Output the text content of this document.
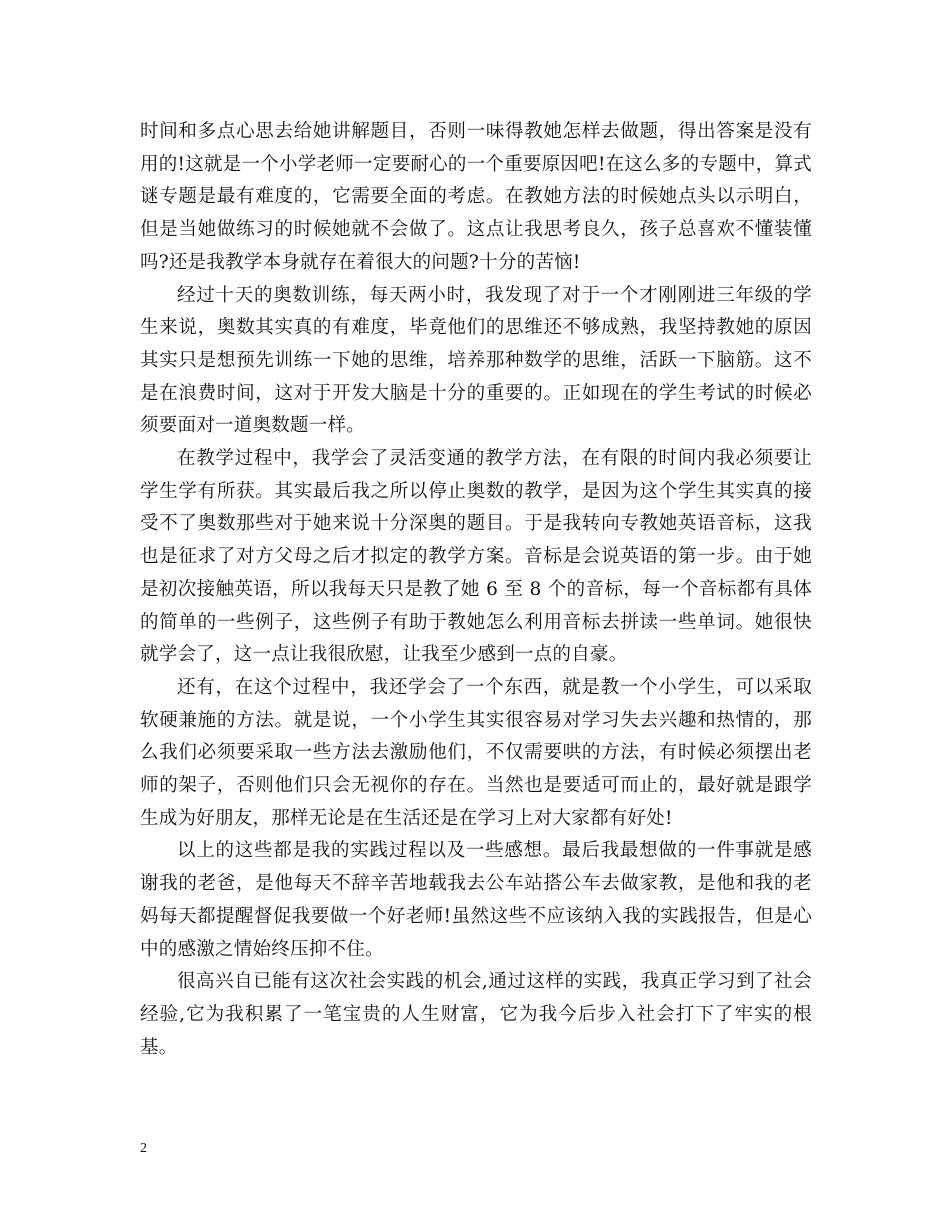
时间和多点心思去给她讲解题目，否则一味得教她怎样去做题，得出答案是没有用的!这就是一个小学老师一定要耐心的一个重要原因吧!在这么多的专题中，算式谜专题是最有难度的，它需要全面的考虑。在教她方法的时候她点头以示明白，但是当她做练习的时候她就不会做了。这点让我思考良久，孩子总喜欢不懂装懂吗?还是我教学本身就存在着很大的问题?十分的苦恼!

经过十天的奥数训练，每天两小时，我发现了对于一个才刚刚进三年级的学生来说，奥数其实真的有难度，毕竟他们的思维还不够成熟，我坚持教她的原因其实只是想预先训练一下她的思维，培养那种数学的思维，活跃一下脑筋。这不是在浪费时间，这对于开发大脑是十分的重要的。正如现在的学生考试的时候必须要面对一道奥数题一样。

在教学过程中，我学会了灵活变通的教学方法，在有限的时间内我必须要让学生学有所获。其实最后我之所以停止奥数的教学，是因为这个学生其实真的接受不了奥数那些对于她来说十分深奥的题目。于是我转向专教她英语音标，这我也是征求了对方父母之后才拟定的教学方案。音标是会说英语的第一步。由于她是初次接触英语，所以我每天只是教了她 6 至 8 个的音标，每一个音标都有具体的简单的一些例子，这些例子有助于教她怎么利用音标去拼读一些单词。她很快就学会了，这一点让我很欣慰，让我至少感到一点的自豪。

还有，在这个过程中，我还学会了一个东西，就是教一个小学生，可以采取软硬兼施的方法。就是说，一个小学生其实很容易对学习失去兴趣和热情的，那么我们必须要采取一些方法去激励他们，不仅需要哄的方法，有时候必须摆出老师的架子，否则他们只会无视你的存在。当然也是要适可而止的，最好就是跟学生成为好朋友，那样无论是在生活还是在学习上对大家都有好处!

以上的这些都是我的实践过程以及一些感想。最后我最想做的一件事就是感谢我的老爸，是他每天不辞辛苦地载我去公车站搭公车去做家教，是他和我的老妈每天都提醒督促我要做一个好老师!虽然这些不应该纳入我的实践报告，但是心中的感激之情始终压抑不住。

很高兴自已能有这次社会实践的机会,通过这样的实践，我真正学习到了社会经验,它为我积累了一笔宝贵的人生财富，它为我今后步入社会打下了牢实的根基。

2
